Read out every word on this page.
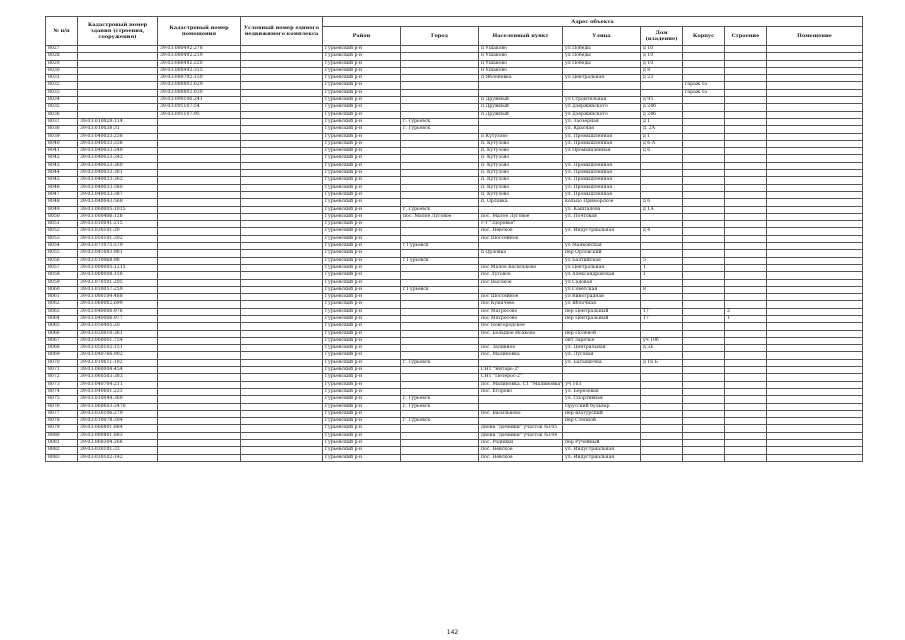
№ п/п	Кадастровый номер здания (строения, сооружения)	Кадастровый номер помещения	Условный номер единого недвижимого комплекса	Адрес объекта							
				Район	Город	Населенный пункт	Улица	Дом (владение)	Корпус	Строение	Помещение
8027		39:03:080492:278		Гурьевский р-н		п Ушаково	ул Победы	д 10			
8028		39:03:080492:219		Гурьевский р-н		п Ушаково	ул Победы	д 10			
8029		39:03:080492:220		Гурьевский р-н		п Ушаково	ул Победы	д 10			
8030		39:03:080492:315		Гурьевский р-н		п Ушаково		д 8			
8031		39:03:080702:150		Гурьевский р-н		п Яблоневка	ул Центральная	д 23			
8032		39:03:080802:629		Гурьевский р-н					гараж 1а		
8033		39:03:080802:630		Гурьевский р-н					гараж 1а		
8034		39:03:090106:241		Гурьевский р-н		п Дружный	ул Строительная	д 95			
8035		39:03:091107:54		Гурьевский р-н		п Дружный	ул Дзержинского	д 24б			
8036		39:03:091107:95		Гурьевский р-н		п Дружный	ул Дзержинского	д 24б			
8037	39:03:010028:114			Гурьевский р-н	г. Гурьевск		ул. Заозерная	д 1			
8038	39:03:010038:31			Гурьевский р-н	г. Гурьевск		ул. Красная	д. 2А			
8039	39:03:040033:238			Гурьевский р-н		п Кутузово	ул. Промышленная	д 1			
8040	39:03:040033:338			Гурьевский р-н		п. Кутузово	ул. Промышленная	д 6-А			
8041	39:03:040033:340			Гурьевский р-н		п. Кутузово	ул Промышленная	д 6			
8042	39:03:040033:342			Гурьевский р-н		п. Кутузово					
8043	39:03:040033:360			Гурьевский р-н		п. Кутузово	ул. Промышленная				
8044	39:03:040033:361			Гурьевский р-н		п. Кутузово	ул. Промышленная				
8045	39:03:040033:362			Гурьевский р-н		п. Кутузово	ул. Промышленная				
8046	39:03:040033:380			Гурьевский р-н		п. Кутузово	ул. Промышленная				
8047	39:03:040033:387			Гурьевский р-н		п. Кутузово	ул. Промышленная				
8048	39:03:040043:568			Гурьевский р-н		п. Орловка	кольцо Приморское	д 6			
8049	39:03:060005:1015			Гурьевский р-н	г. Гурьевск		ул. Кашталова	д 1А			
8050	39:03:000406:126			Гурьевский р-н	пос. Малое Луговое	пос. Малое Луговое	ул. Почтовая				
8051	39:03:010041:215			Гурьевский р-н		с-т "Здоровье"					
8052	39:03:030101:20			Гурьевский р-н		пос. Невское	ул. Индустриальная	д 4			
8053	39:03:050101:302			Гурьевский р-н		пос Шоссейное					
8054	39:03:071075:579			Гурьевский р-н	г Гурьевск		ул Маяковская				
8055	39:03:041003:961			Гурьевский р-н		п Орловка	пер Орловский				
8056	39:03:010068:96			Гурьевский р-н	г Гурьевск		ул Балтийская	5			
8057	39:03:000005:1215			Гурьевский р-н		пос Малое Васильково	ул Центральная	1			
8058	39:03:000008:158			Гурьевский р-н		пос Луговое	ул Александровская	1			
8059	39:03:070501:205			Гурьевский р-н		пос Высокое	ул Садовая				
8060	39:03:010057:259			Гурьевский р-н	г Гурьевск		ул Советская	8			
8061	39:03:080104:488			Гурьевский р-н		пос Шоссейное	ул Виноградная				
8062	39:03:060062:699			Гурьевский р-н		пос Кумачево	ул Яблочная				
8063	39:03:040006:976			Гурьевский р-н		пос Матросово	пер Центральный	17		2	
8064	39:03:040006:977			Гурьевский р-н		пос Матросово	пер Центральный	17		1	
8065	39:03:050405:20			Гурьевский р-н		пос Новгородское					
8066	39:03:020010:361			Гурьевский р-н		пос. Большое Исаково	пер Полевой				
8067	39:03:060001:754			Гурьевский р-н			онт Заречье	уч 10б			
8068	39:03:050102:151			Гурьевский р-н		пос. Заливное	ул. Центральная	д 3Е			
8069	39:03:040766:902			Гурьевский р-н		пос. Малиновка	ул. Луговая				
8070	39:03:010611:182			Гурьевский р-н	г. Гурьевск		ул. Батышечна	д 16 Б			
8071	39:03:060008:454			Гурьевский р-н		СНТ "Янтарь-2"					
8072	39:03:060503:383			Гурьевский р-н		СНТ "Петерос-2"					
8073	39:03:040704:211			Гурьевский р-н		пос. Малиновка, СТ "Малиновка", уч 163					
8074	39:03:040601:233			Гурьевский р-н		пос. Егорово	ул. Березовая				
8075	39:03:010044:360			Гурьевский р-н	г. Гурьевск		ул. Спортивная				
8076	39:03:060603:3470			Гурьевский р-н	г. Гурьевск		Прусский бульвар				
8077	39:03:030106:279			Гурьевский р-н		пос. Васильково	пер Шатурский				
8078	39:03:010078:304			Гурьевский р-н	г. Гурьевск		пер Степной				
8079	39:03:060801:884			Гурьевский р-н		днонк "дачники" участок №105					
8080	39:03:080801:883			Гурьевский р-н		днонк "дачники" участок №104					
8081	39:03:060304:266			Гурьевский р-н		пос. Родники	пер Ручейный				
8082	39:03:030101:33			Гурьевский р-н		пос. Невское	ул. Индустриальная				
8083	39:03:030102:142			Гурьевский р-н		пос. Невское	ул. Индустриальная				
142
